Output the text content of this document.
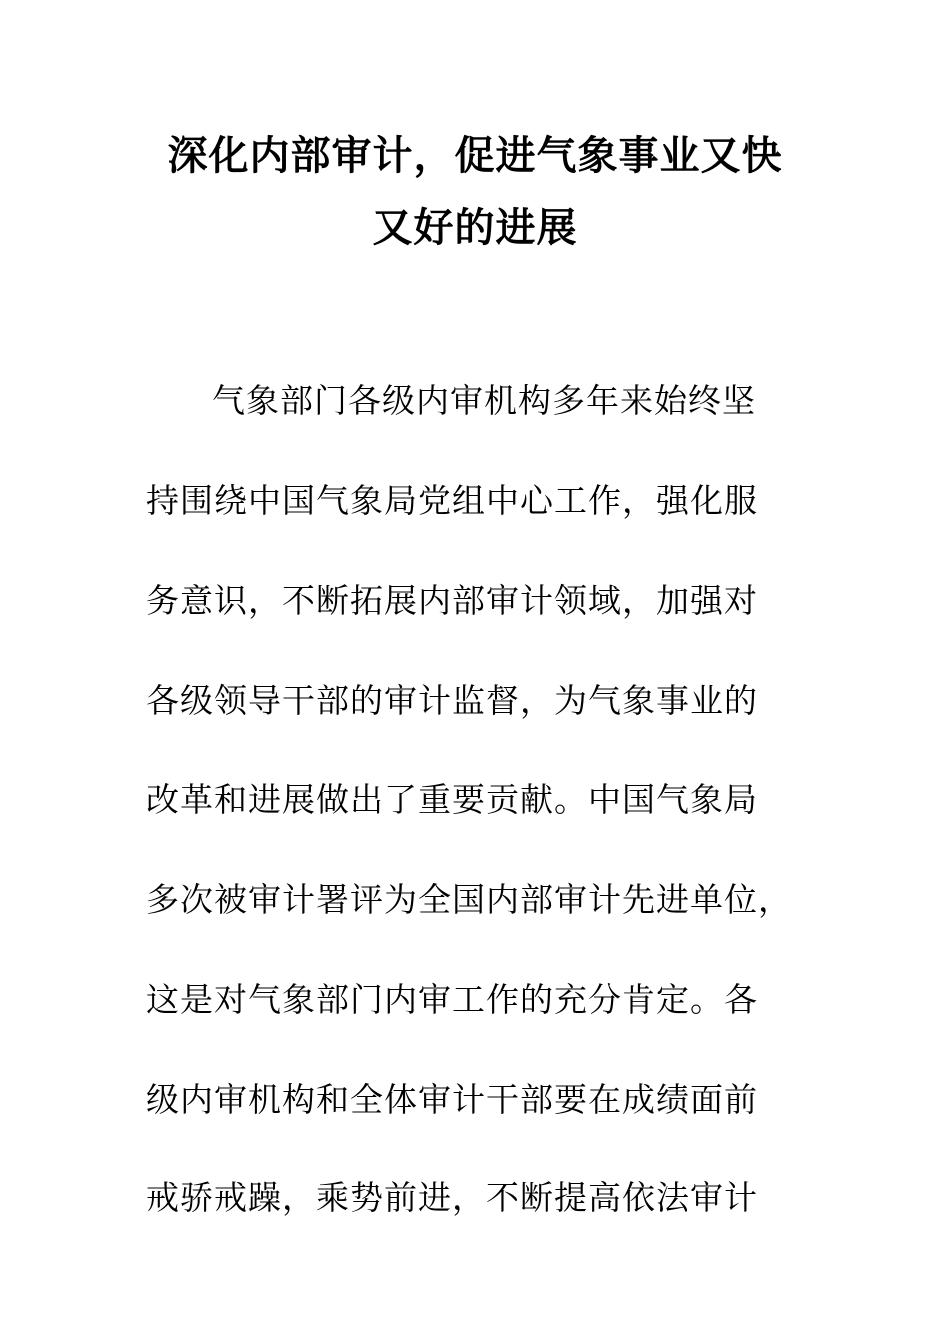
深化内部审计，促进气象事业又快
又好的进展
气象部门各级内审机构多年来始终坚
持围绕中国气象局党组中心工作，强化服
务意识，不断拓展内部审计领域，加强对
各级领导干部的审计监督，为气象事业的
改革和进展做出了重要贡献。中国气象局
多次被审计署评为全国内部审计先进单位，
这是对气象部门内审工作的充分肯定。各
级内审机构和全体审计干部要在成绩面前
戒骄戒躁，乘势前进，不断提高依法审计
